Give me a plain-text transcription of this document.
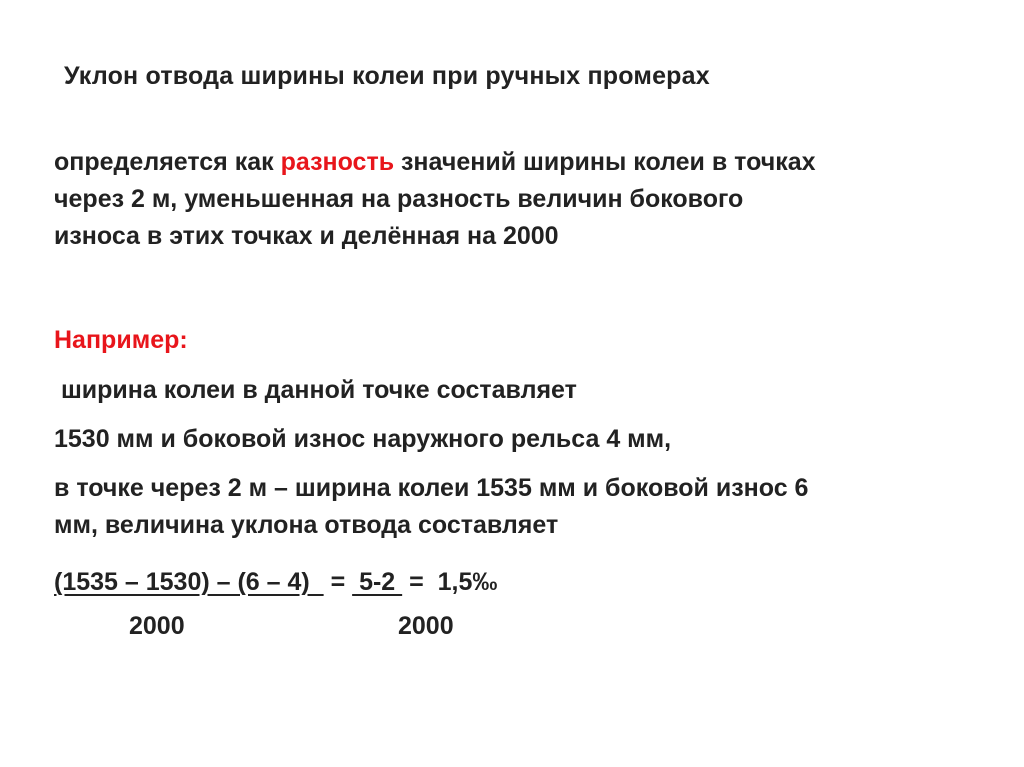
Уклон отвода ширины колеи при ручных промерах
определяется как разность значений ширины колеи в точках
через 2 м, уменьшенная на разность величин бокового
износа в этих точках и делённая на 2000
Например:
ширина колеи в данной точке составляет
1530 мм и боковой износ наружного рельса 4 мм,
в точке через 2 м – ширина колеи 1535 мм и боковой износ 6
мм, величина уклона отвода составляет
(1535 – 1530) – (6 – 4)   =  5-2  =  1,5‰
2000	2000
